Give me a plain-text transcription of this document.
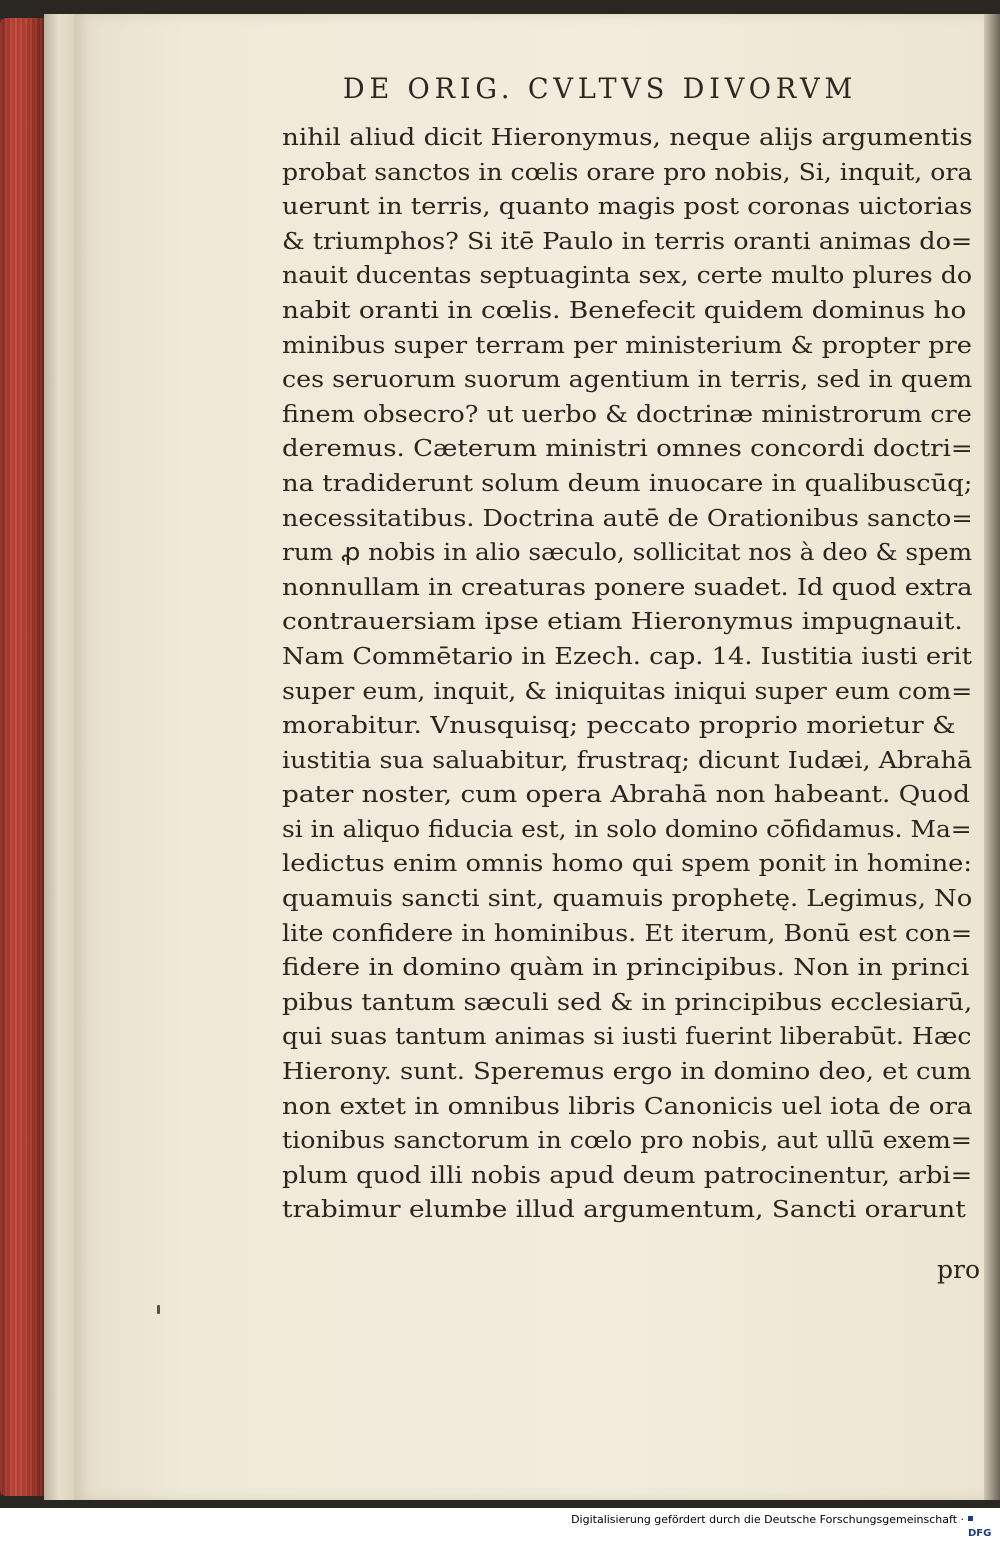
DE ORIG. CVLTVS DIVORVM
nihil aliud dicit Hieronymus, neque alijs argumentis
probat sanctos in cœlis orare pro nobis, Si, inquit, ora
uerunt in terris, quanto magis post coronas uictorias
& triumphos? Si itē Paulo in terris oranti animas do=
nauit ducentas septuaginta sex, certe multo plures do
nabit oranti in cœlis. Benefecit quidem dominus ho
minibus super terram per ministerium & propter pre
ces seruorum suorum agentium in terris, sed in quem
finem obsecro? ut uerbo & doctrinæ ministrorum cre
deremus. Cæterum ministri omnes concordi doctri=
na tradiderunt solum deum inuocare in qualibuscūq;
necessitatibus. Doctrina autē de Orationibus sancto=
rum ꝓ nobis in alio sæculo, sollicitat nos à deo & spem
nonnullam in creaturas ponere suadet. Id quod extra
contrauersiam ipse etiam Hieronymus impugnauit.
Nam Commētario in Ezech. cap. 14. Iustitia iusti erit
super eum, inquit, & iniquitas iniqui super eum com=
morabitur. Vnusquisq; peccato proprio morietur &
iustitia sua saluabitur, frustraq; dicunt Iudæi, Abrahā
pater noster, cum opera Abrahā non habeant. Quod
si in aliquo fiducia est, in solo domino cōfidamus. Ma=
ledictus enim omnis homo qui spem ponit in homine:
quamuis sancti sint, quamuis prophetę. Legimus, No
lite confidere in hominibus. Et iterum, Bonū est con=
fidere in domino quàm in principibus. Non in princi
pibus tantum sæculi sed & in principibus ecclesiarū,
qui suas tantum animas si iusti fuerint liberabūt. Hæc
Hierony. sunt. Speremus ergo in domino deo, et cum
non extet in omnibus libris Canonicis uel iota de ora
tionibus sanctorum in cœlo pro nobis, aut ullū exem=
plum quod illi nobis apud deum patrocinentur, arbi=
trabimur elumbe illud argumentum, Sancti orarunt
pro
Digitalisierung gefördert durch die Deutsche Forschungsgemeinschaft ·
DFG
